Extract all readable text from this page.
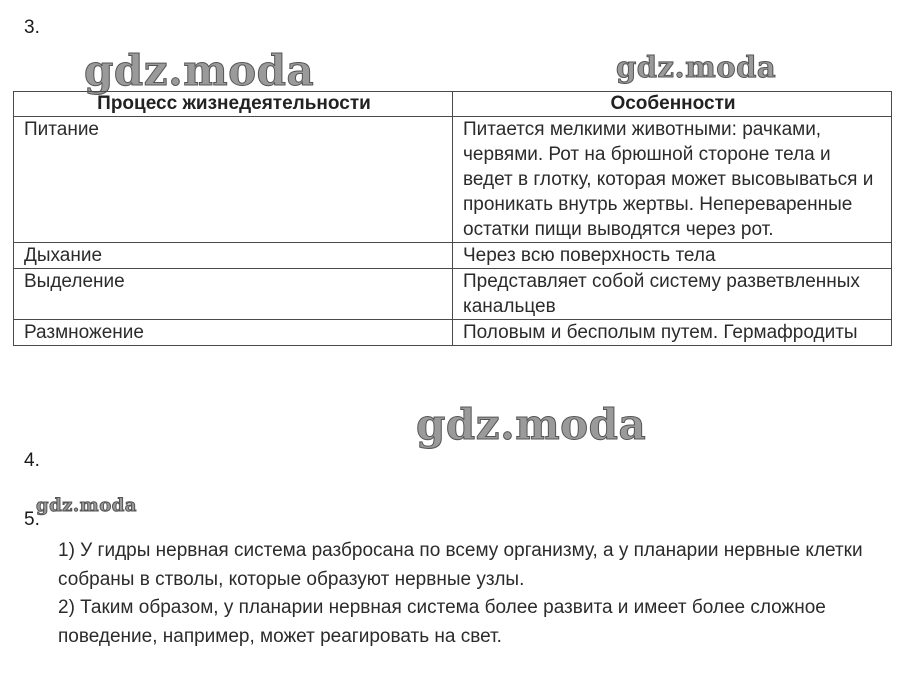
3.
gdz.moda	gdz.moda
Процесс жизнедеятельности	Особенности
Питание	Питается мелкими животными: рачками, червями. Рот на брюшной стороне тела и ведет в глотку, которая может высовываться и проникать внутрь жертвы. Непереваренные остатки пищи выводятся через рот.
Дыхание	Через всю поверхность тела
Выделение	Представляет собой систему разветвленных канальцев
Размножение	Половым и бесполым путем. Гермафродиты
gdz.moda
4.
5.
gdz.moda

1) У гидры нервная система разбросана по всему организму, а у планарии нервные клетки собраны в стволы, которые образуют нервные узлы.

2) Таким образом, у планарии нервная система более развита и имеет более сложное поведение, например, может реагировать на свет.
